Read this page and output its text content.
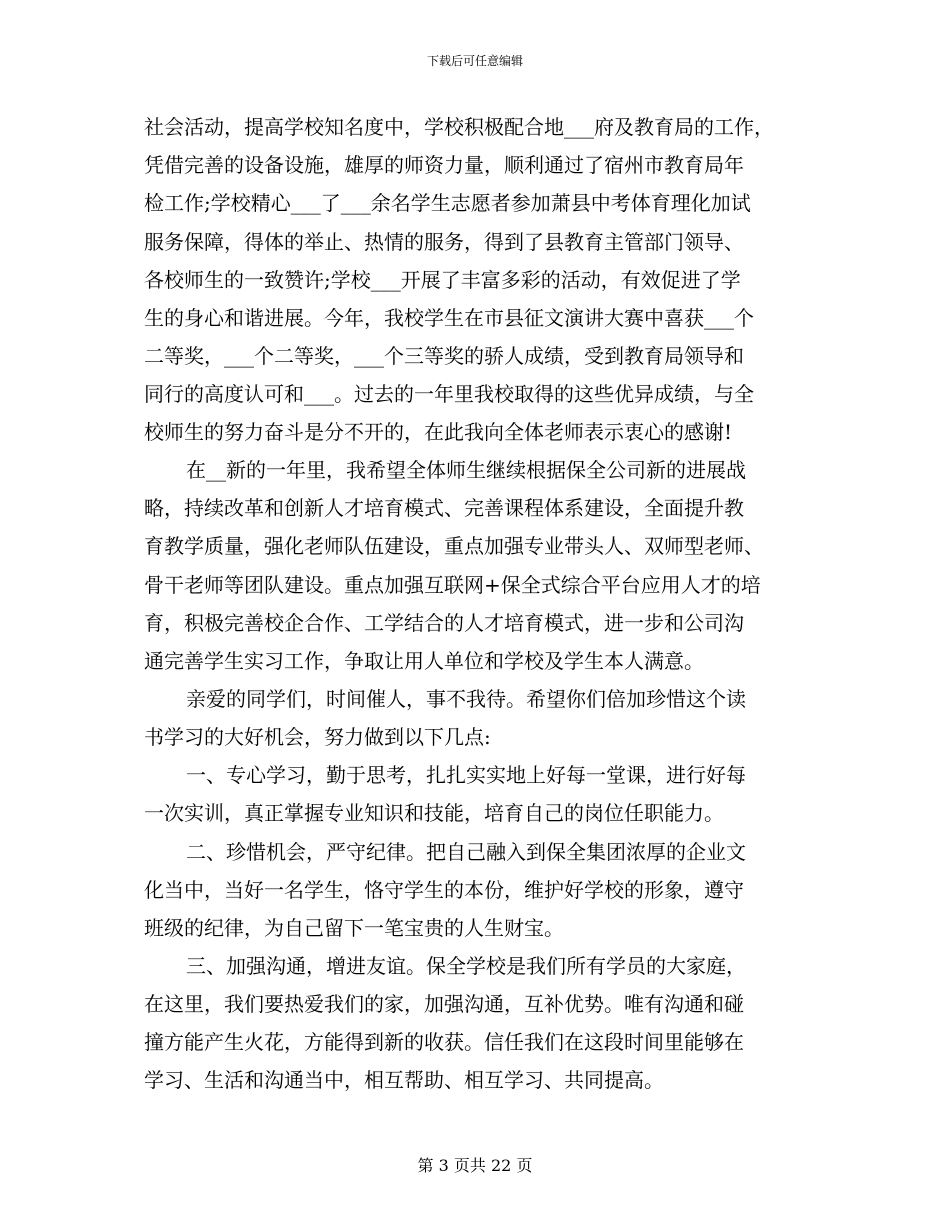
下载后可任意编辑
社会活动，提高学校知名度中，学校积极配合地___府及教育局的工作，
凭借完善的设备设施，雄厚的师资力量，顺利通过了宿州市教育局年
检工作;学校精心___了___余名学生志愿者参加萧县中考体育理化加试
服务保障，得体的举止、热情的服务，得到了县教育主管部门领导、
各校师生的一致赞许;学校___开展了丰富多彩的活动，有效促进了学
生的身心和谐进展。今年，我校学生在市县征文演讲大赛中喜获___个
二等奖，___个二等奖，___个三等奖的骄人成绩，受到教育局领导和
同行的高度认可和___。过去的一年里我校取得的这些优异成绩，与全
校师生的努力奋斗是分不开的，在此我向全体老师表示衷心的感谢!
在__新的一年里，我希望全体师生继续根据保全公司新的进展战
略，持续改革和创新人才培育模式、完善课程体系建设，全面提升教
育教学质量，强化老师队伍建设，重点加强专业带头人、双师型老师、
骨干老师等团队建设。重点加强互联网+保全式综合平台应用人才的培
育，积极完善校企合作、工学结合的人才培育模式，进一步和公司沟
通完善学生实习工作，争取让用人单位和学校及学生本人满意。
亲爱的同学们，时间催人，事不我待。希望你们倍加珍惜这个读
书学习的大好机会，努力做到以下几点:
一、专心学习，勤于思考，扎扎实实地上好每一堂课，进行好每
一次实训，真正掌握专业知识和技能，培育自己的岗位任职能力。
二、珍惜机会，严守纪律。把自己融入到保全集团浓厚的企业文
化当中，当好一名学生，恪守学生的本份，维护好学校的形象，遵守
班级的纪律，为自己留下一笔宝贵的人生财宝。
三、加强沟通，增进友谊。保全学校是我们所有学员的大家庭，
在这里，我们要热爱我们的家，加强沟通，互补优势。唯有沟通和碰
撞方能产生火花，方能得到新的收获。信任我们在这段时间里能够在
学习、生活和沟通当中，相互帮助、相互学习、共同提高。
第 3 页共 22 页
